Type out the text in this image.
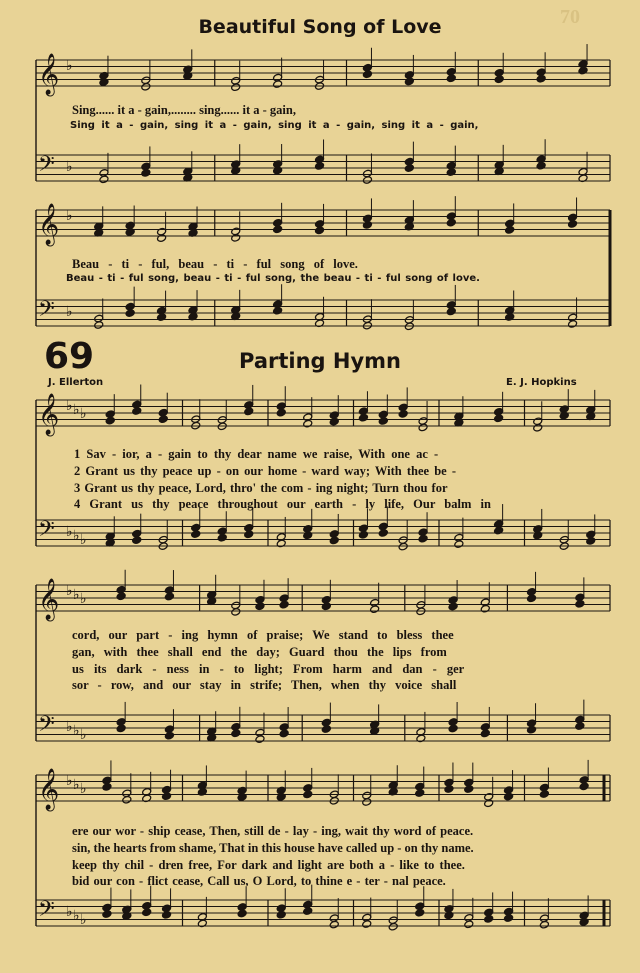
70
Beautiful Song of Love
𝄞
𝄢
♭
♭
𝄞
𝄢
♭
♭
𝄞
𝄢
♭
♭
♭
♭
♭
♭
𝄞
𝄢
♭
♭
♭
♭
♭
♭
𝄞
𝄢
♭
♭
♭
♭
♭
♭
Sing...... it a - gain,........ sing...... it a - gain,
Sing it a - gain, sing it a - gain, sing it a - gain, sing it a - gain,
Beau - ti - ful, beau - ti - ful song of love.
Beau - ti - ful song, beau - ti - ful song, the beau - ti - ful song of love.
69	Parting Hymn
J. Ellerton	E. J. Hopkins
1 Sav - ior, a - gain to thy dear name we raise, With one ac -
2 Grant us thy peace up - on our home - ward way; With thee be -
3 Grant us thy peace, Lord, thro' the com - ing night; Turn thou for
4 Grant us thy peace throughout our earth - ly life, Our balm in
cord, our part - ing hymn of praise; We stand to bless thee
gan, with thee shall end the day; Guard thou the lips from
us its dark - ness in - to light; From harm and dan - ger
sor - row, and our stay in strife; Then, when thy voice shall
ere our wor - ship cease, Then, still de - lay - ing, wait thy word of peace.
sin, the hearts from shame, That in this house have called up - on thy name.
keep thy chil - dren free, For dark and light are both a - like to thee.
bid our con - flict cease, Call us, O Lord, to thine e - ter - nal peace.
